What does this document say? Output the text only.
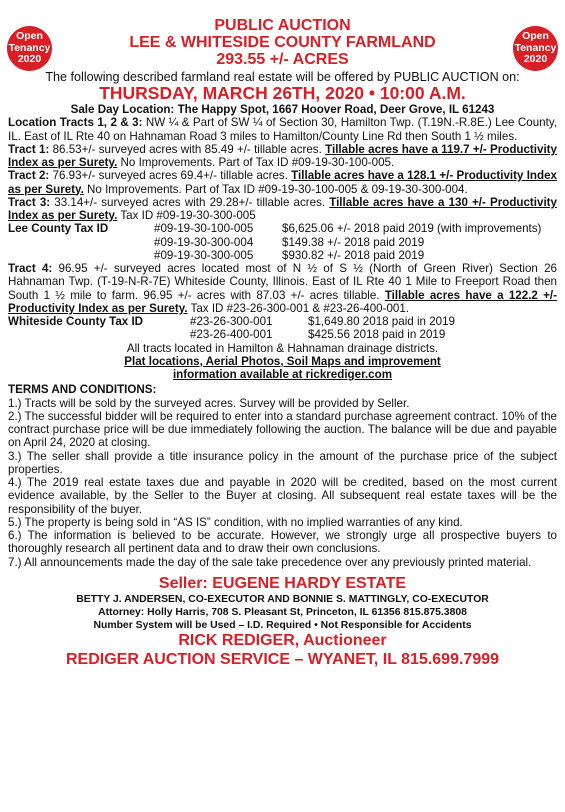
Open
Tenancy
2020
Open
Tenancy
2020
PUBLIC AUCTION
LEE & WHITESIDE COUNTY FARMLAND
293.55 +/- ACRES
The following described farmland real estate will be offered by PUBLIC AUCTION on:
THURSDAY, MARCH 26TH, 2020 • 10:00 A.M.

Sale Day Location: The Happy Spot, 1667 Hoover Road, Deer Grove, IL 61243

Location Tracts 1, 2 & 3: NW ¼ & Part of SW ¼ of Section 30, Hamilton Twp. (T.19N.-R.8E.) Lee County, IL. East of IL Rte 40 on Hahnaman Road 3 miles to Hamilton/County Line Rd then South 1 ½ miles.

Tract 1: 86.53+/- surveyed acres with 85.49 +/- tillable acres. Tillable acres have a 119.7 +/- Productivity Index as per Surety. No Improvements. Part of Tax ID #09-19-30-100-005.

Tract 2: 76.93+/- surveyed acres 69.4+/- tillable acres. Tillable acres have a 128.1 +/- Productivity Index as per Surety. No Improvements. Part of Tax ID #09-19-30-100-005 & 09-19-30-300-004.

Tract 3: 33.14+/- surveyed acres with 29.28+/- tillable acres. Tillable acres have a 130 +/- Productivity Index as per Surety. Tax ID #09-19-30-300-005

Lee County Tax ID	#09-19-30-100-005	$6,625.06 +/- 2018 paid 2019 (with improvements)
#09-19-30-300-004	$149.38 +/- 2018 paid 2019
#09-19-30-300-005	$930.82 +/- 2018 paid 2019

Tract 4: 96.95 +/- surveyed acres located most of N ½ of S ½ (North of Green River) Section 26 Hahnaman Twp. (T-19-N-R-7E) Whiteside County, Illinois. East of IL Rte 40 1 Mile to Freeport Road then South 1 ½ mile to farm. 96.95 +/- acres with 87.03 +/- acres tillable. Tillable acres have a 122.2 +/- Productivity Index as per Surety. Tax ID #23-26-300-001 & #23-26-400-001.

Whiteside County Tax ID	#23-26-300-001	$1,649.80 2018 paid in 2019
#23-26-400-001	$425.56 2018 paid in 2019

All tracts located in Hamilton & Hahnaman drainage districts.

Plat locations, Aerial Photos, Soil Maps and improvement

information available at rickrediger.com

TERMS AND CONDITIONS:

1.) Tracts will be sold by the surveyed acres. Survey will be provided by Seller.

2.) The successful bidder will be required to enter into a standard purchase agreement contract. 10% of the contract purchase price will be due immediately following the auction. The balance will be due and payable on April 24, 2020 at closing.

3.) The seller shall provide a title insurance policy in the amount of the purchase price of the subject properties.

4.) The 2019 real estate taxes due and payable in 2020 will be credited, based on the most current evidence available, by the Seller to the Buyer at closing. All subsequent real estate taxes will be the responsibility of the buyer.

5.) The property is being sold in “AS IS” condition, with no implied warranties of any kind.

6.) The information is believed to be accurate. However, we strongly urge all prospective buyers to thoroughly research all pertinent data and to draw their own conclusions.

7.) All announcements made the day of the sale take precedence over any previously printed material.

Seller: EUGENE HARDY ESTATE
BETTY J. ANDERSEN, CO-EXECUTOR AND BONNIE S. MATTINGLY, CO-EXECUTOR
Attorney: Holly Harris, 708 S. Pleasant St, Princeton, IL 61356 815.875.3808
Number System will be Used – I.D. Required • Not Responsible for Accidents
RICK REDIGER, Auctioneer
REDIGER AUCTION SERVICE – WYANET, IL 815.699.7999
